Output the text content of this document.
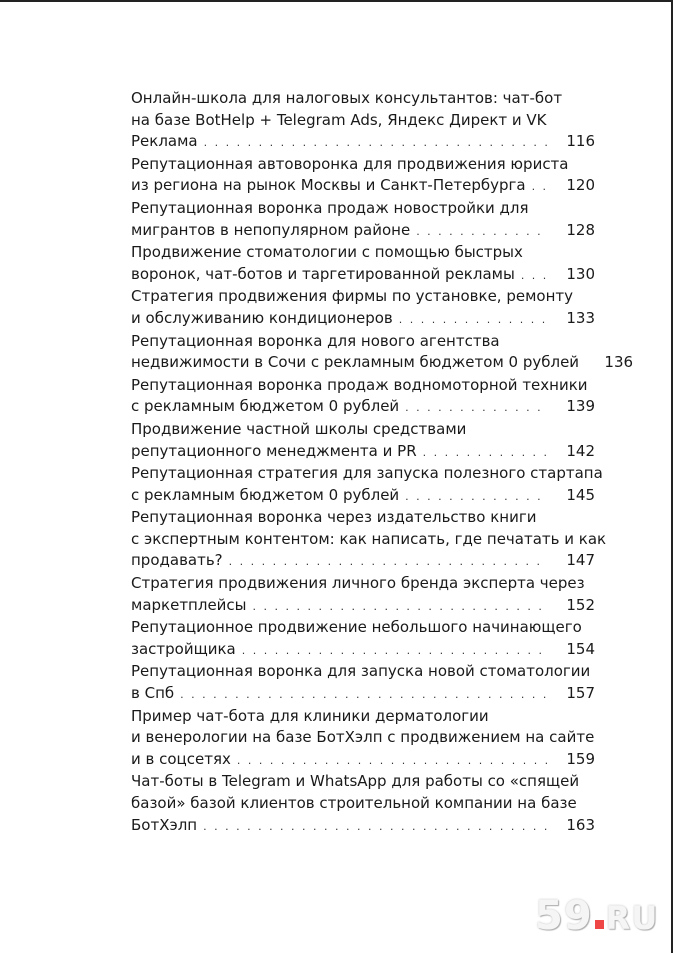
Онлайн-школа для налоговых консультантов: чат-бот
на базе BotHelp + Telegram Ads, Яндекс Директ и VK
Реклама . . .	116
Репутационная автоворонка для продвижения юриста
из региона на рынок Москвы и Санкт-Петербурга . . .	120
Репутационная воронка продаж новостройки для
мигрантов в непопулярном районе . . .	128
Продвижение стоматологии с помощью быстрых
воронок, чат-ботов и таргетированной рекламы . . .	130
Стратегия продвижения фирмы по установке, ремонту
и обслуживанию кондиционеров . . .	133
Репутационная воронка для нового агентства
недвижимости в Сочи с рекламным бюджетом 0 рублей	136
Репутационная воронка продаж водномоторной техники
с рекламным бюджетом 0 рублей . . .	139
Продвижение частной школы средствами
репутационного менеджмента и PR . . .	142
Репутационная стратегия для запуска полезного стартапа
с рекламным бюджетом 0 рублей . . .	145
Репутационная воронка через издательство книги
с экспертным контентом: как написать, где печатать и как
продавать? . . .	147
Стратегия продвижения личного бренда эксперта через
маркетплейсы . . .	152
Репутационное продвижение небольшого начинающего
застройщика . . .	154
Репутационная воронка для запуска новой стоматологии
в Спб . . .	157
Пример чат-бота для клиники дерматологии
и венерологии на базе БотХэлп с продвижением на сайте
и в соцсетях . . .	159
Чат-боты в Telegram и WhatsApp для работы со «спящей
базой» базой клиентов строительной компании на базе
БотХэлп . . .	163
59 RU
